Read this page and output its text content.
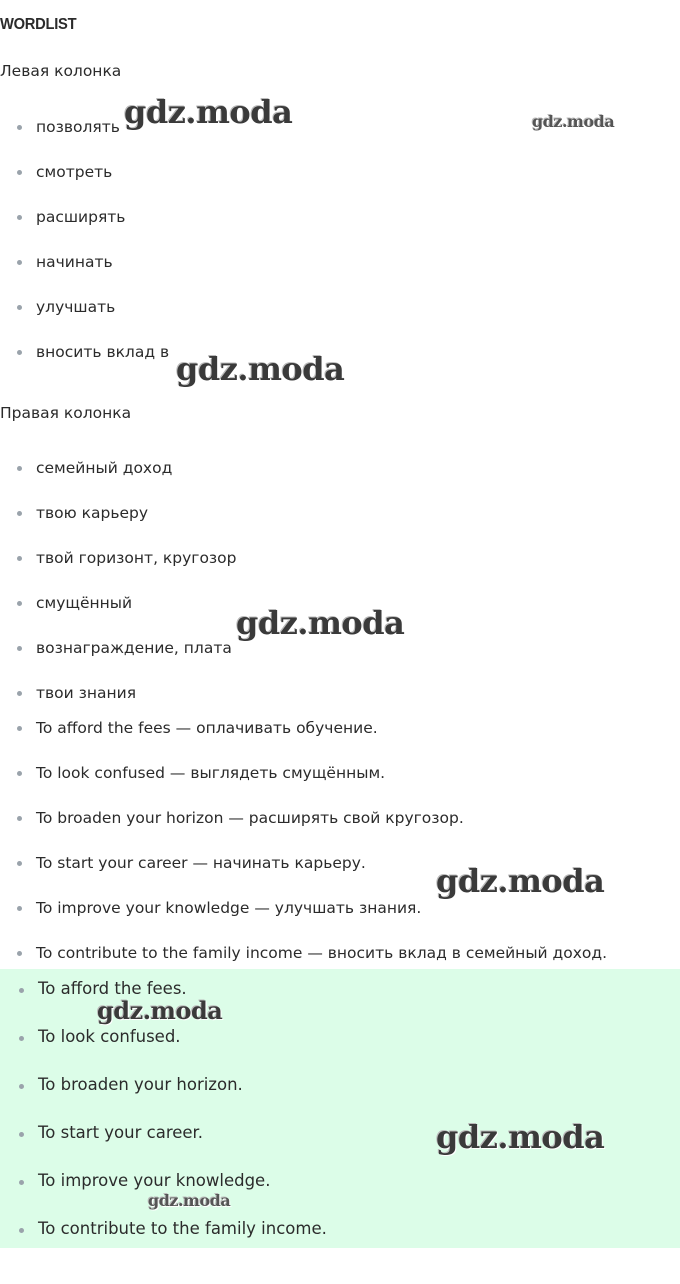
WORDLIST
Левая колонка
позволять
смотреть
расширять
начинать
улучшать
вносить вклад в
Правая колонка
семейный доход
твою карьеру
твой горизонт, кругозор
смущённый
вознаграждение, плата
твои знания
To afford the fees — оплачивать обучение.
To look confused — выглядеть смущённым.
To broaden your horizon — расширять свой кругозор.
To start your career — начинать карьеру.
To improve your knowledge — улучшать знания.
To contribute to the family income — вносить вклад в семейный доход.
To afford the fees.
To look confused.
To broaden your horizon.
To start your career.
To improve your knowledge.
To contribute to the family income.
gdz.moda	gdz.moda
gdz.moda
gdz.moda
gdz.moda
gdz.moda
gdz.moda
gdz.moda
